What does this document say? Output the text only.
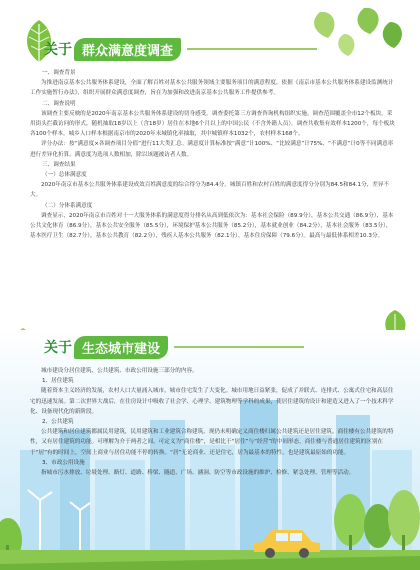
关于 群众满意度调查

一、调查背景

为推进南京基本公共服务体系建设，全面了解百姓对基本公共服务领域主要服务项目的满意程度，依据《南京市基本公共服务体系建设监测统计工作实施暂行办法》，组织开展群众满意度调查，旨在为加强和改进南京基本公共服务工作提供参考。

二、调查说明

该调查主要反映的是2020年南京基本公共服务体系建设的切身感受。调查委托第三方调查咨询机构组织实施。调查范围覆盖全市12个板块。采用街头拦截访问的形式，随机抽取18岁以上（含18岁）居住在本地6个月以上的中国公民（不含外籍人员）。调查共收集有效样本1200个，每个板块各100个样本。城乡人口样本根据南京市的2020年末城镇化率抽取，其中城镇样本1032个，农村样本168个。

评分办法：按“满意度×各调查项目分值”进行11大类汇总。满意度计算标准按“满意”计100%、“比较满意”计75%、“不满意”计0等不同满意率进行差异化折算。满意度为选项人数相加，除以该题被访者人数。

三、调查结果

（一）总体满意度

2020年南京市基本公共服务体系建设成效百姓满意度的综合得分为84.4分。城镇百姓和农村百姓的满意度得分分别为84.5和84.1分，差异不大。

（二）分体系满意度

调查显示，2020年南京市百姓对十一大服务体系的满意度得分排名从高到低依次为：基本社会保险（89.9分），基本公共交通（86.9分），基本公共文化体育（86.9分），基本公共安全服务（85.5分），环境保护基本公共服务（85.2分），基本就业创业（84.2分），基本社会服务（83.5分），基本医疗卫生（82.7分），基本公共教育（82.2分），残疾人基本公共服务（82.1分），基本住房保障（79.6分）。最高与最低体系相差10.3分。

关于 生态城市建设

城市建设分居住建筑、公共建筑、市政公用设施三部分的内容。

1、居住建筑

随着资本主义经济的发展，农村人口大量涌入城市，城市住宅发生了大变化。城市用地日益紧张，促成了并联式、连排式、公寓式住宅和高层住宅的迅速发展。第二次世界大战后，在住房设计中吸收了社会学、心理学、建筑物理等学科的成果，使居住建筑的设计和建造又进入了一个技术科学化、设备现代化的新阶段。

2、公共建筑

公共建筑和居住建筑都属民用建筑，民用建筑和工业建筑合称建筑。现仍未明确定义商住楼归属公共建筑还是居住建筑。商住楼有公共建筑的特性，又有居住建筑的功能。可理解为介于两者之间。可定义为“商住楼”，是相比于“居住”与“经营”的中间形态，商住楼与普通居住建筑的区别在于“居”有的时间上，空间上商业与居住功能不停的转换。“居”无论商业、还是住宅，居为最基本的特性，也是建筑最原始的功能。

3、市政公用设施

指城市污水排放、垃圾处理、路灯、道路、桥梁、隧道、广场、涵洞、防空等市政设施的维护、检修、紧急处理、管理等活动。
